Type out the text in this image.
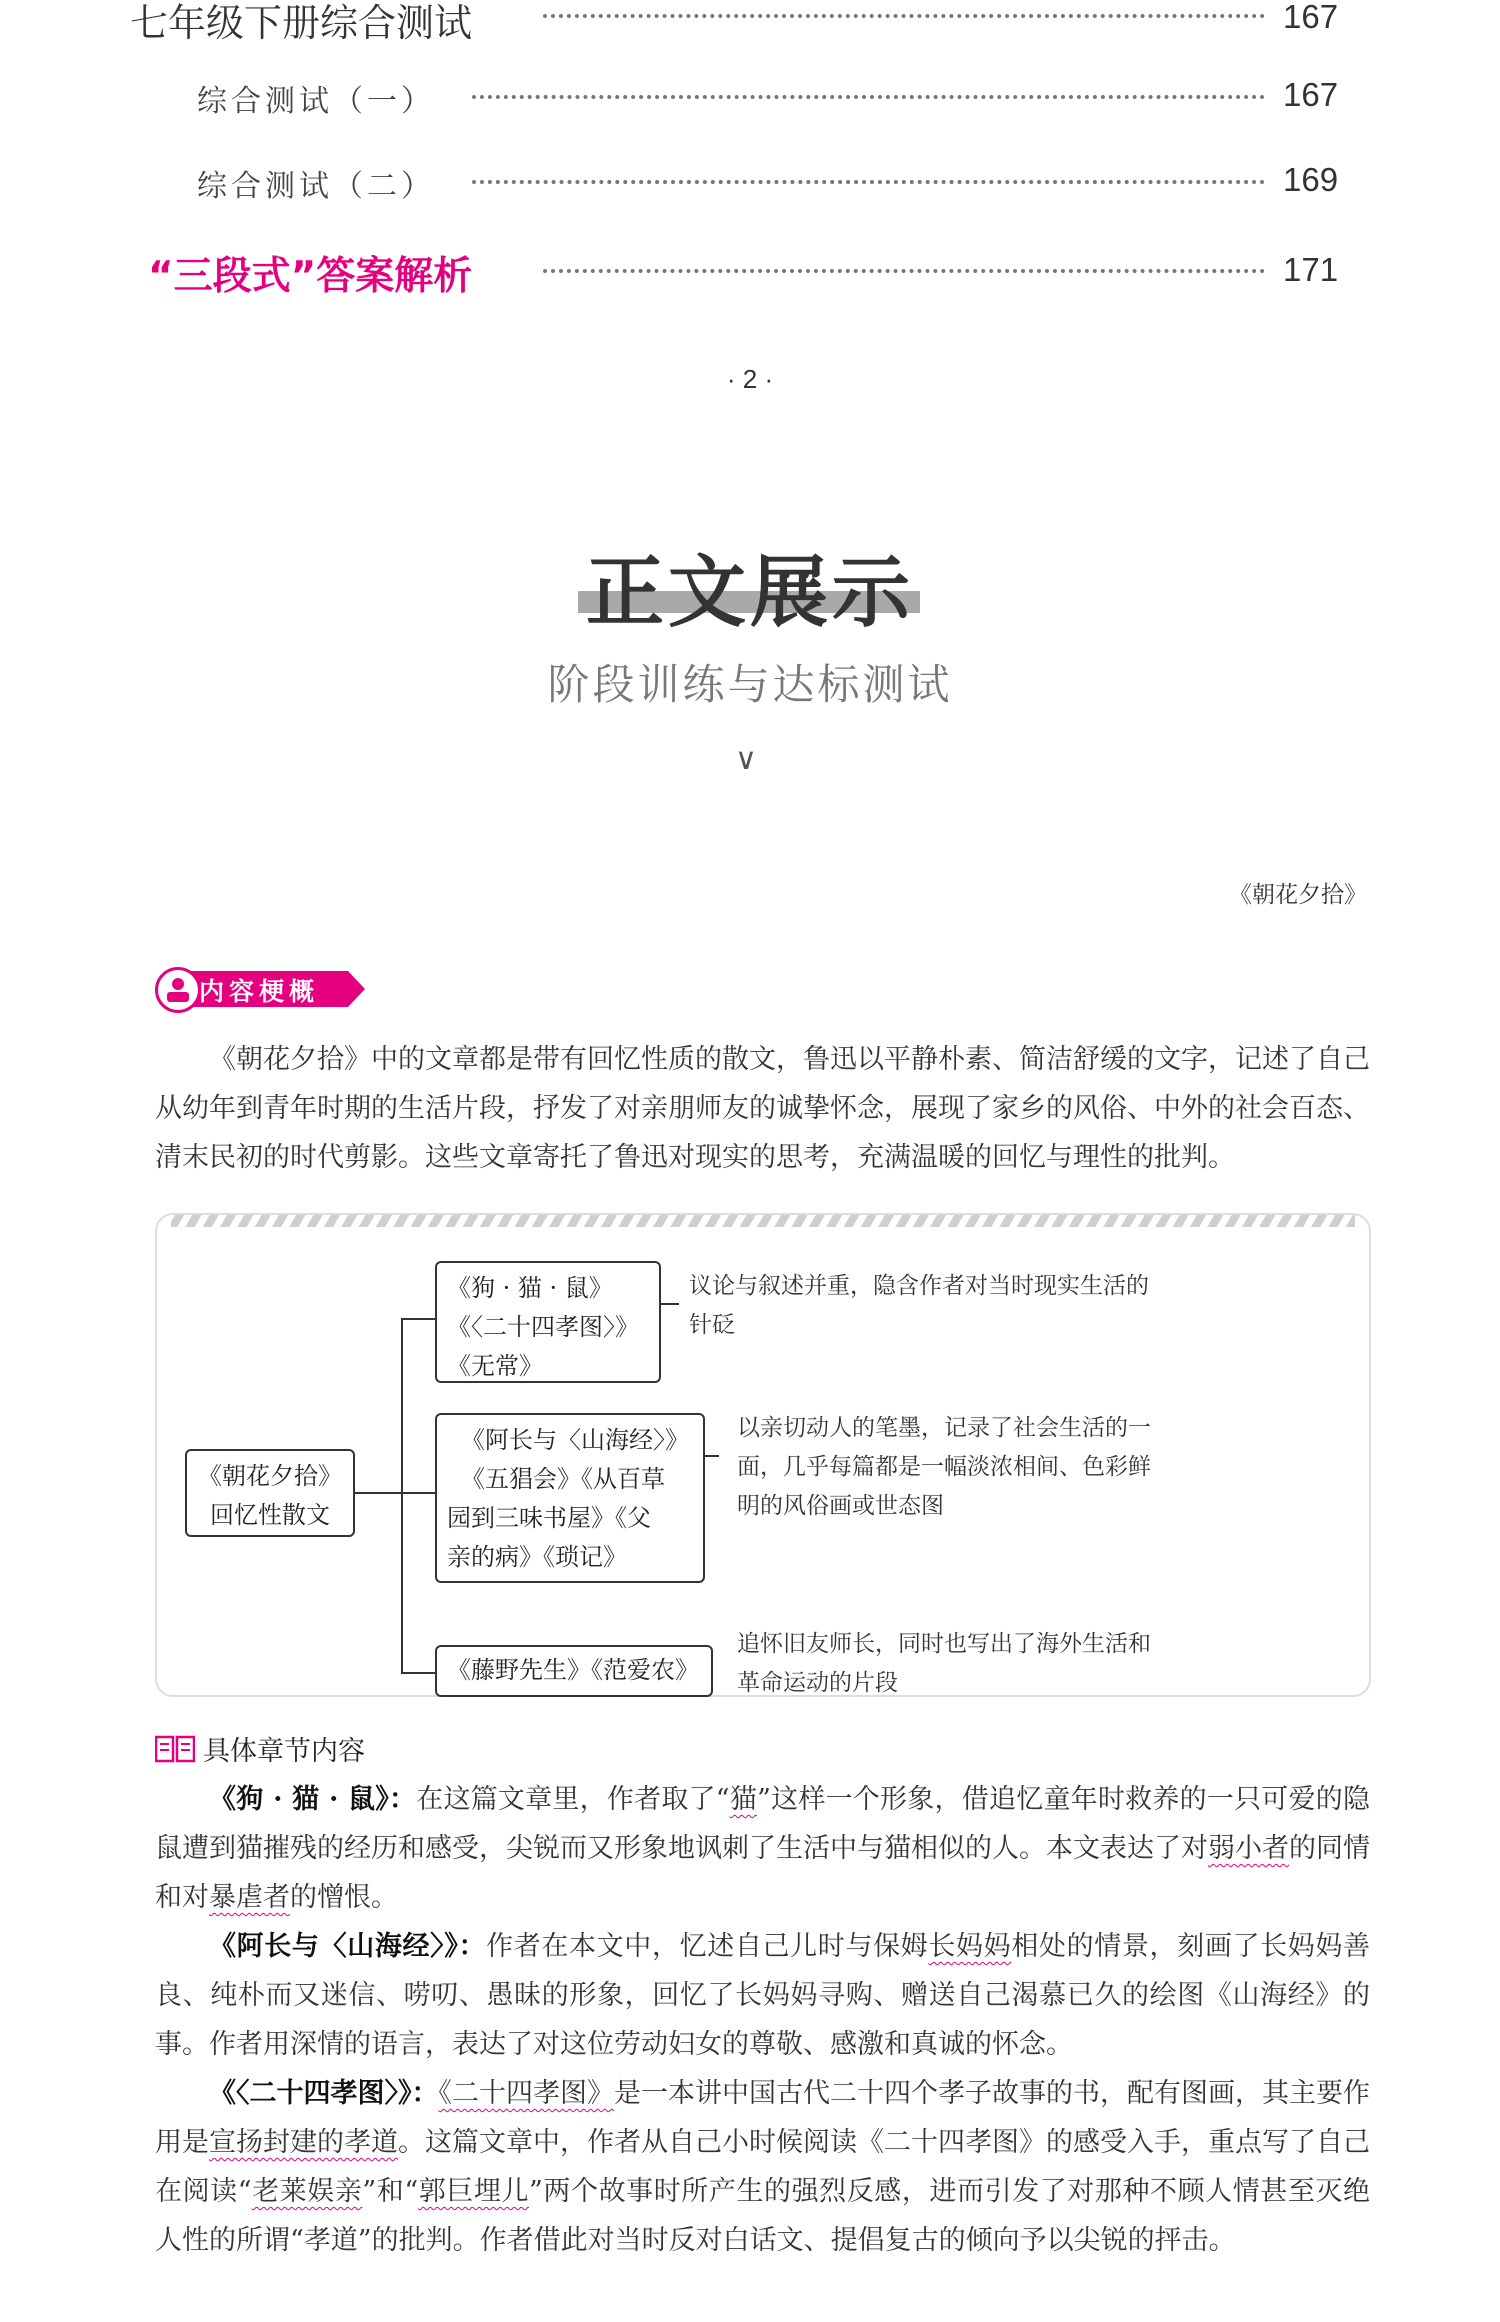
七年级下册综合测试	167
综合测试（一）	167
综合测试（二）	169
“三段式”答案解析	171
· 2 ·
正文展示
阶段训练与达标测试
∨
《朝花夕拾》
内容梗概

《朝花夕拾》中的文章都是带有回忆性质的散文，鲁迅以平静朴素、简洁舒缓的文字，记述了自己从幼年到青年时期的生活片段，抒发了对亲朋师友的诚挚怀念，展现了家乡的风俗、中外的社会百态、清末民初的时代剪影。这些文章寄托了鲁迅对现实的思考，充满温暖的回忆与理性的批判。

《朝花夕拾》
回忆性散文
《狗 · 猫 · 鼠》
《〈二十四孝图〉》
《无常》
议论与叙述并重，隐含作者对当时现实生活的针砭
《阿长与〈山海经〉》
《五猖会》《从百草
园到三味书屋》《父
亲的病》《琐记》
以亲切动人的笔墨，记录了社会生活的一面，几乎每篇都是一幅淡浓相间、色彩鲜明的风俗画或世态图
《藤野先生》《范爱农》
追怀旧友师长，同时也写出了海外生活和革命运动的片段
具体章节内容

《狗 · 猫 · 鼠》：在这篇文章里，作者取了“猫”这样一个形象，借追忆童年时救养的一只可爱的隐鼠遭到猫摧残的经历和感受，尖锐而又形象地讽刺了生活中与猫相似的人。本文表达了对弱小者的同情和对暴虐者的憎恨。

《阿长与〈山海经〉》：作者在本文中，忆述自己儿时与保姆长妈妈相处的情景，刻画了长妈妈善良、纯朴而又迷信、唠叨、愚昧的形象，回忆了长妈妈寻购、赠送自己渴慕已久的绘图《山海经》的事。作者用深情的语言，表达了对这位劳动妇女的尊敬、感激和真诚的怀念。

《〈二十四孝图〉》：《二十四孝图》是一本讲中国古代二十四个孝子故事的书，配有图画，其主要作用是宣扬封建的孝道。这篇文章中，作者从自己小时候阅读《二十四孝图》的感受入手，重点写了自己在阅读“老莱娱亲”和“郭巨埋儿”两个故事时所产生的强烈反感，进而引发了对那种不顾人情甚至灭绝人性的所谓“孝道”的批判。作者借此对当时反对白话文、提倡复古的倾向予以尖锐的抨击。
